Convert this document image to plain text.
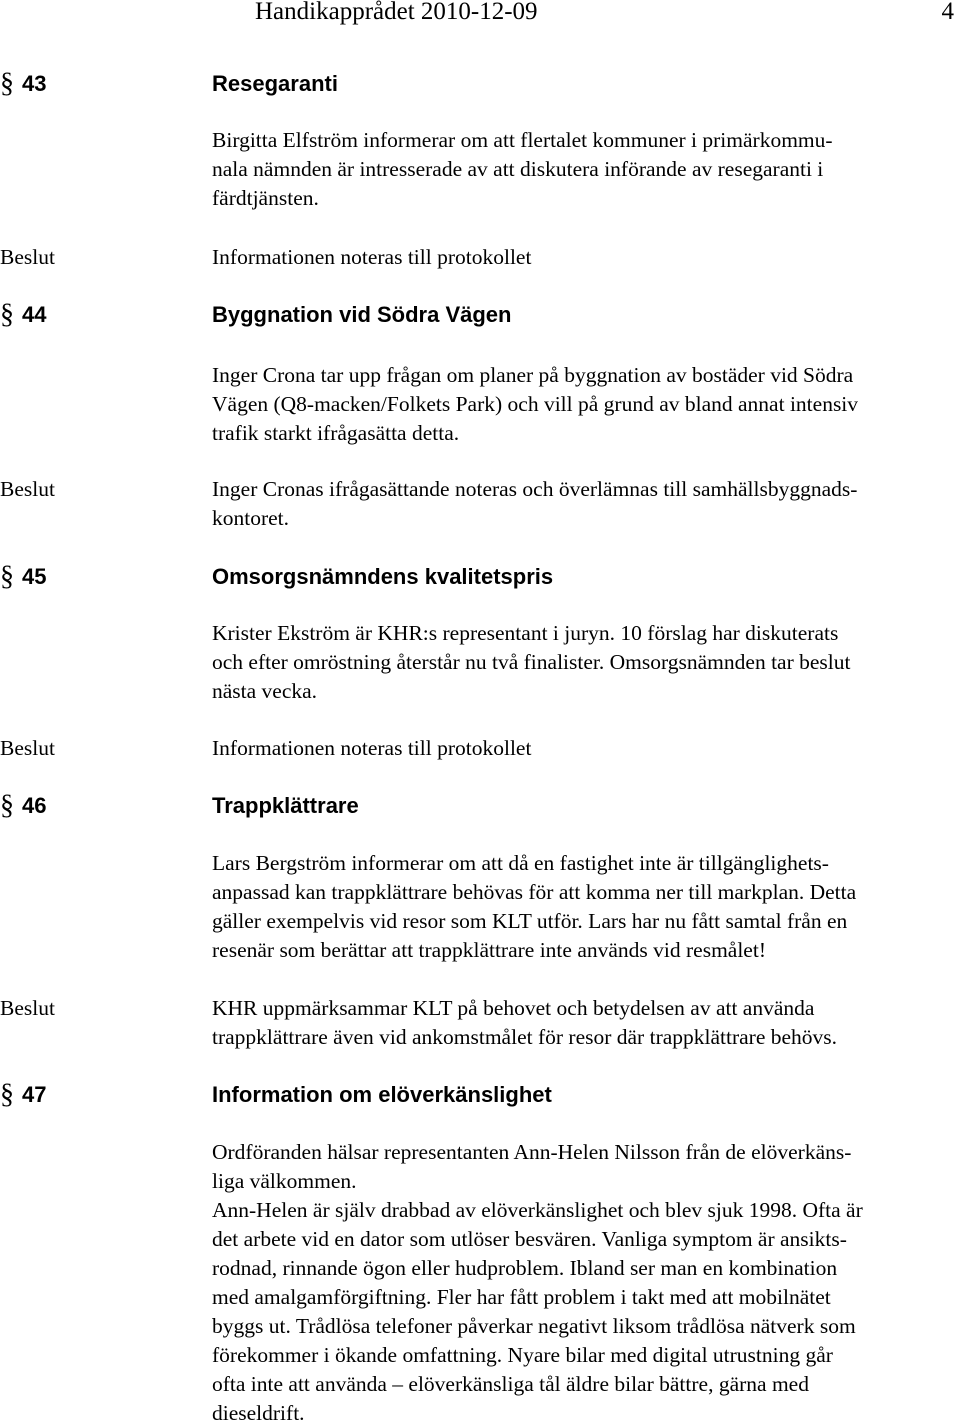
Handikapprådet 2010-12-09	4
§ 43	Resegaranti
Birgitta Elfström informerar om att flertalet kommuner i primärkommu-
nala nämnden är intresserade av att diskutera införande av resegaranti i
färdtjänsten.
Beslut	Informationen noteras till protokollet
§ 44	Byggnation vid Södra Vägen
Inger Crona tar upp frågan om planer på byggnation av bostäder vid Södra
Vägen (Q8-macken/Folkets Park) och vill på grund av bland annat intensiv
trafik starkt ifrågasätta detta.
Beslut	Inger Cronas ifrågasättande noteras och överlämnas till samhällsbyggnads-
kontoret.
§ 45	Omsorgsnämndens kvalitetspris
Krister Ekström är KHR:s representant i juryn. 10 förslag har diskuterats
och efter omröstning återstår nu två finalister. Omsorgsnämnden tar beslut
nästa vecka.
Beslut	Informationen noteras till protokollet
§ 46	Trappklättrare
Lars Bergström informerar om att då en fastighet inte är tillgänglighets-
anpassad kan trappklättrare behövas för att komma ner till markplan. Detta
gäller exempelvis vid resor som KLT utför. Lars har nu fått samtal från en
resenär som berättar att trappklättrare inte används vid resmålet!
Beslut	KHR uppmärksammar KLT på behovet och betydelsen av att använda
trappklättrare även vid ankomstmålet för resor där trappklättrare behövs.
§ 47	Information om elöverkänslighet
Ordföranden hälsar representanten Ann-Helen Nilsson från de elöverkäns-
liga välkommen.
Ann-Helen är själv drabbad av elöverkänslighet och blev sjuk 1998. Ofta är
det arbete vid en dator som utlöser besvären. Vanliga symptom är ansikts-
rodnad, rinnande ögon eller hudproblem. Ibland ser man en kombination
med amalgamförgiftning. Fler har fått problem i takt med att mobilnätet
byggs ut. Trådlösa telefoner påverkar negativt liksom trådlösa nätverk som
förekommer i ökande omfattning. Nyare bilar med digital utrustning går
ofta inte att använda – elöverkänsliga tål äldre bilar bättre, gärna med
dieseldrift.
